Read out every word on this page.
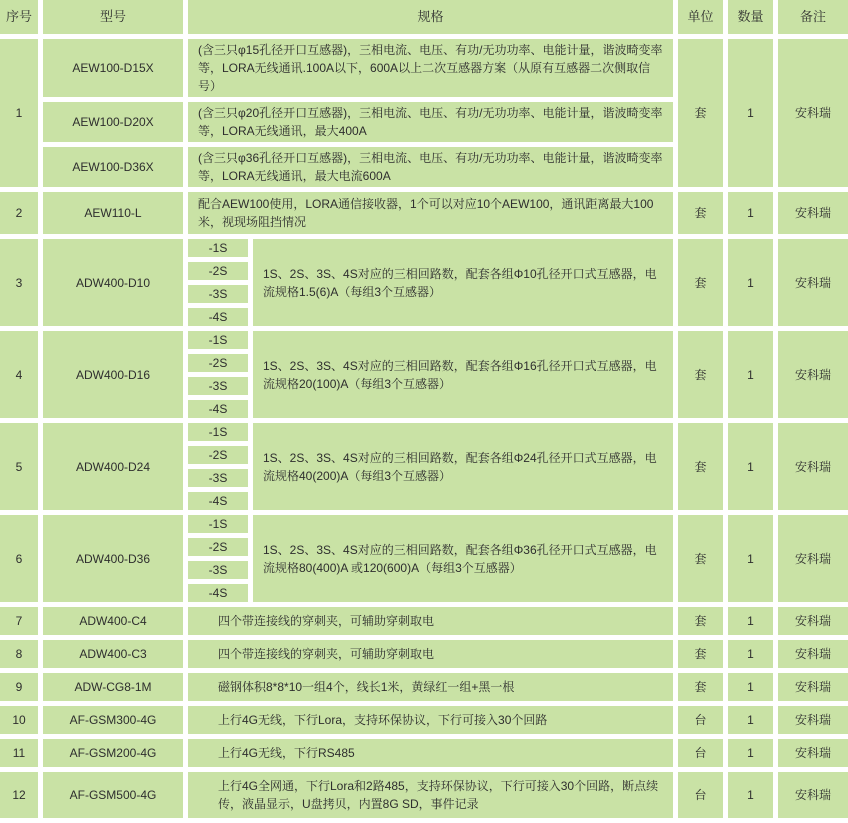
序号	型号	规格		单位	数量	备注
1	AEW100-D15X	(含三只φ15孔径开口互感器)，三相电流、电压、有功/无功功率、电能计量，谐波畸变率等，LORA无线通讯.100A以下，600A以上二次互感器方案（从原有互感器二次侧取信号）		套	1	安科瑞
	AEW100-D20X	(含三只φ20孔径开口互感器)，三相电流、电压、有功/无功功率、电能计量，谐波畸变率等，LORA无线通讯，最大400A				
	AEW100-D36X	(含三只φ36孔径开口互感器)，三相电流、电压、有功/无功功率、电能计量，谐波畸变率等，LORA无线通讯，最大电流600A				
2	AEW110-L	配合AEW100使用，LORA通信接收器，1个可以对应10个AEW100，通讯距离最大100米，视现场阻挡情况		套	1	安科瑞
3	ADW400-D10	-1S	1S、2S、3S、4S对应的三相回路数，配套各组Φ10孔径开口式互感器，电流规格1.5(6)A（每组3个互感器）	套	1	安科瑞
		-2S				
		-3S				
		-4S				
4	ADW400-D16	-1S	1S、2S、3S、4S对应的三相回路数，配套各组Φ16孔径开口式互感器，电流规格20(100)A（每组3个互感器）	套	1	安科瑞
		-2S				
		-3S				
		-4S				
5	ADW400-D24	-1S	1S、2S、3S、4S对应的三相回路数，配套各组Φ24孔径开口式互感器，电流规格40(200)A（每组3个互感器）	套	1	安科瑞
		-2S				
		-3S				
		-4S				
6	ADW400-D36	-1S	1S、2S、3S、4S对应的三相回路数，配套各组Φ36孔径开口式互感器，电流规格80(400)A 或120(600)A（每组3个互感器）	套	1	安科瑞
		-2S				
		-3S				
		-4S				
7	ADW400-C4	四个带连接线的穿刺夹，可辅助穿刺取电		套	1	安科瑞
8	ADW400-C3	四个带连接线的穿刺夹，可辅助穿刺取电		套	1	安科瑞
9	ADW-CG8-1M	磁钢体积8*8*10一组4个，线长1米，黄绿红一组+黑一根		套	1	安科瑞
10	AF-GSM300-4G	上行4G无线，下行Lora，支持环保协议，下行可接入30个回路		台	1	安科瑞
11	AF-GSM200-4G	上行4G无线，下行RS485		台	1	安科瑞
12	AF-GSM500-4G	上行4G全网通，下行Lora和2路485，支持环保协议，下行可接入30个回路，断点续传，液晶显示，U盘拷贝，内置8G SD，事件记录		台	1	安科瑞
